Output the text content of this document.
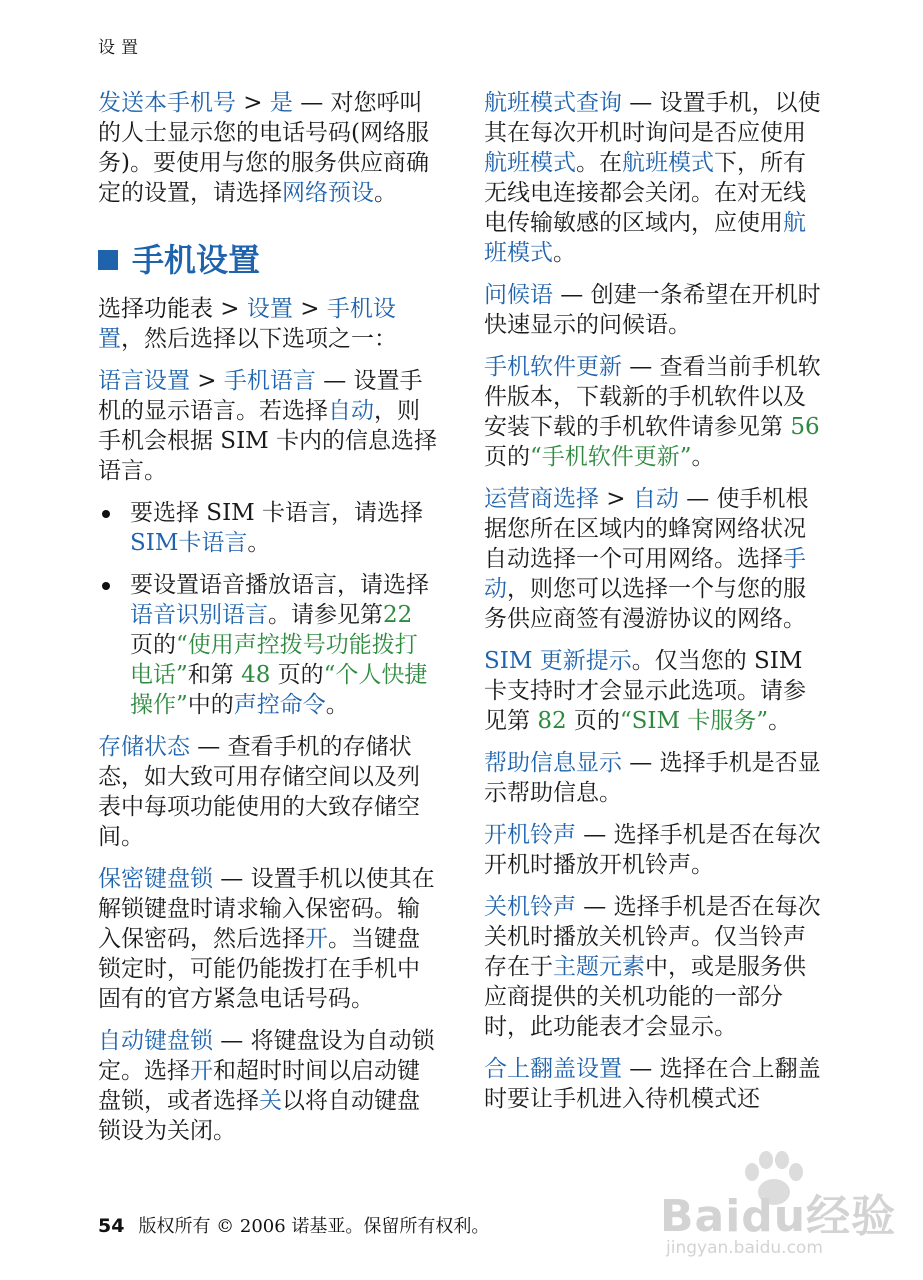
设置

发送本手机号 > 是 — 对您呼叫的人士显示您的电话号码(网络服务)。要使用与您的服务供应商确定的设置，请选择网络预设。

手机设置

选择功能表 > 设置 > 手机设置，然后选择以下选项之一：

语言设置 > 手机语言 — 设置手机的显示语言。若选择自动，则手机会根据 SIM 卡内的信息选择语言。

要选择 SIM 卡语言，请选择SIM卡语言。
要设置语音播放语言，请选择语音识别语言。请参见第22 页的“使用声控拨号功能拨打电话”和第 48 页的“个人快捷操作”中的声控命令。

存储状态 — 查看手机的存储状态，如大致可用存储空间以及列表中每项功能使用的大致存储空间。

保密键盘锁 — 设置手机以使其在解锁键盘时请求输入保密码。输入保密码，然后选择开。当键盘锁定时，可能仍能拨打在手机中固有的官方紧急电话号码。

自动键盘锁 — 将键盘设为自动锁定。选择开和超时时间以启动键盘锁，或者选择关以将自动键盘锁设为关闭。

航班模式查询 — 设置手机，以使其在每次开机时询问是否应使用航班模式。在航班模式下，所有无线电连接都会关闭。在对无线电传输敏感的区域内，应使用航班模式。

问候语 — 创建一条希望在开机时快速显示的问候语。

手机软件更新 — 查看当前手机软件版本，下载新的手机软件以及安装下载的手机软件请参见第 56 页的“手机软件更新”。

运营商选择 > 自动 — 使手机根据您所在区域内的蜂窝网络状况自动选择一个可用网络。选择手动，则您可以选择一个与您的服务供应商签有漫游协议的网络。

SIM 更新提示。仅当您的 SIM 卡支持时才会显示此选项。请参见第 82 页的“SIM 卡服务”。

帮助信息显示 — 选择手机是否显示帮助信息。

开机铃声 — 选择手机是否在每次开机时播放开机铃声。

关机铃声 — 选择手机是否在每次关机时播放关机铃声。仅当铃声存在于主题元素中，或是服务供应商提供的关机功能的一部分时，此功能表才会显示。

合上翻盖设置 — 选择在合上翻盖时要让手机进入待机模式还

54 版权所有 © 2006 诺基亚。保留所有权利。	Baidu经验
jingyan.baidu.com
